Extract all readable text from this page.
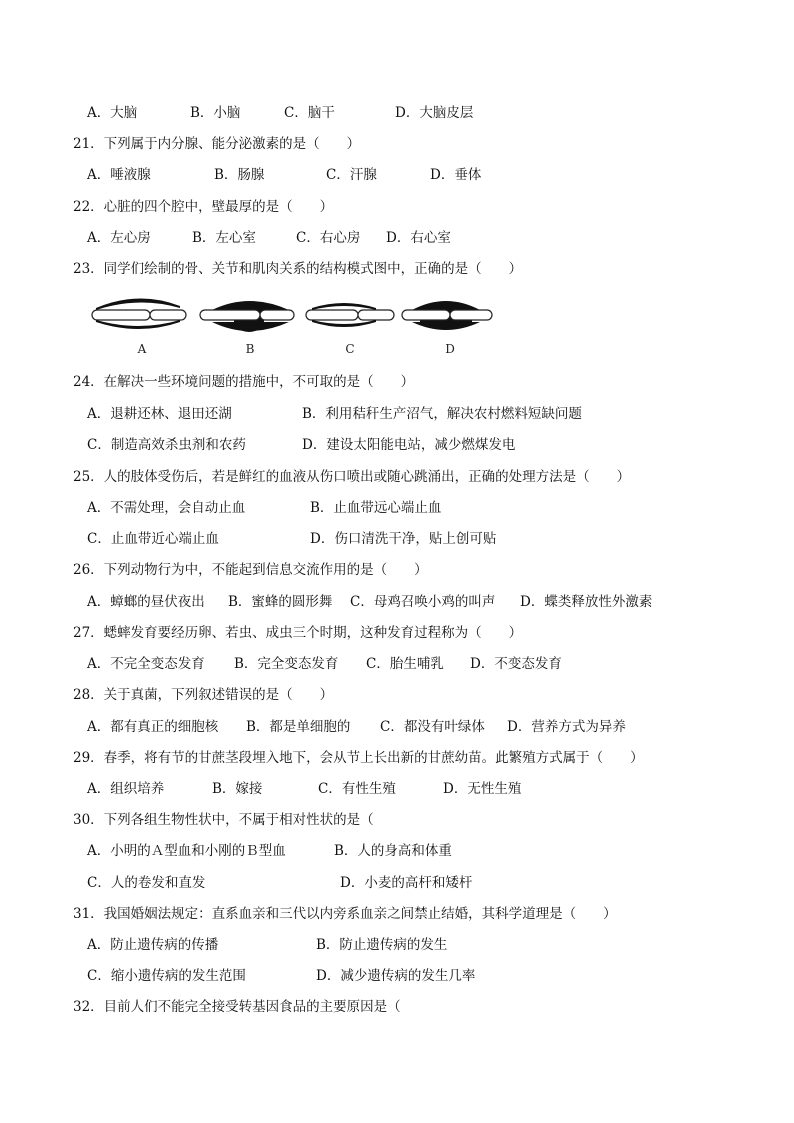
A．大脑	B．小脑	C．脑干	D．大脑皮层
21．下列属于内分腺、能分泌激素的是（　　）
A．唾液腺	B．肠腺	C．汗腺	D．垂体
22．心脏的四个腔中，壁最厚的是（　　）
A．左心房	B．左心室	C．右心房 D．右心室
23．同学们绘制的骨、关节和肌肉关系的结构模式图中，正确的是（　　）
A	B	C	D
24．在解决一些环境问题的措施中，不可取的是（　　）
A．退耕还林、退田还湖	B．利用秸秆生产沼气，解决农村燃料短缺问题
C．制造高效杀虫剂和农药	D．建设太阳能电站，减少燃煤发电
25．人的肢体受伤后，若是鲜红的血液从伤口喷出或随心跳涌出，正确的处理方法是（　　）
A．不需处理，会自动止血	B．止血带远心端止血
C．止血带近心端止血	D．伤口清洗干净，贴上创可贴
26．下列动物行为中，不能起到信息交流作用的是（　　）
A．蟑螂的昼伏夜出 B．蜜蜂的圆形舞 C．母鸡召唤小鸡的叫声 D．蝶类释放性外激素
27．蟋蟀发育要经历卵、若虫、成虫三个时期，这种发育过程称为（　　）
A．不完全变态发育 B．完全变态发育 C．胎生哺乳 D．不变态发育
28．关于真菌，下列叙述错误的是（　　）
A．都有真正的细胞核 B．都是单细胞的 C．都没有叶绿体 D．营养方式为异养
29．春季，将有节的甘蔗茎段埋入地下，会从节上长出新的甘蔗幼苗。此繁殖方式属于（　　）
A．组织培养	B．嫁接	C．有性生殖	D．无性生殖
30．下列各组生物性状中，不属于相对性状的是（
A．小明的Ａ型血和小刚的Ｂ型血	B．人的身高和体重
C．人的卷发和直发	D．小麦的高杆和矮杆
31．我国婚姻法规定：直系血亲和三代以内旁系血亲之间禁止结婚，其科学道理是（　　）
A．防止遗传病的传播	B．防止遗传病的发生
C．缩小遗传病的发生范围	D．减少遗传病的发生几率
32．目前人们不能完全接受转基因食品的主要原因是（
